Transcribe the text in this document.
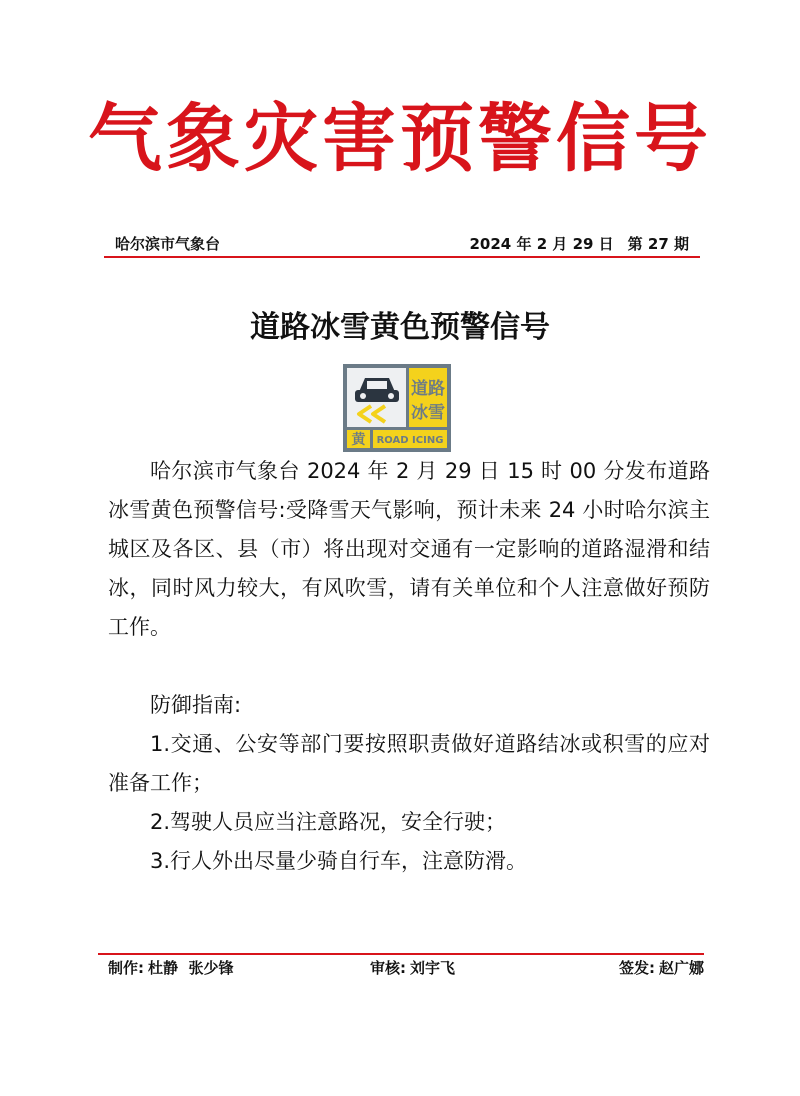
气象灾害预警信号
哈尔滨市气象台	2024 年 2 月 29 日 第 27 期
道路冰雪黄色预警信号
道路
冰雪
黄 ROAD ICING

哈尔滨市气象台 2024 年 2 月 29 日 15 时 00 分发布道路冰雪黄色预警信号:受降雪天气影响，预计未来 24 小时哈尔滨主城区及各区、县（市）将出现对交通有一定影响的道路湿滑和结冰，同时风力较大，有风吹雪，请有关单位和个人注意做好预防工作。

防御指南:

1.交通、公安等部门要按照职责做好道路结冰或积雪的应对准备工作；

2.驾驶人员应当注意路况，安全行驶；

3.行人外出尽量少骑自行车，注意防滑。

制作: 杜静  张少锋	审核: 刘宇飞	签发: 赵广娜
